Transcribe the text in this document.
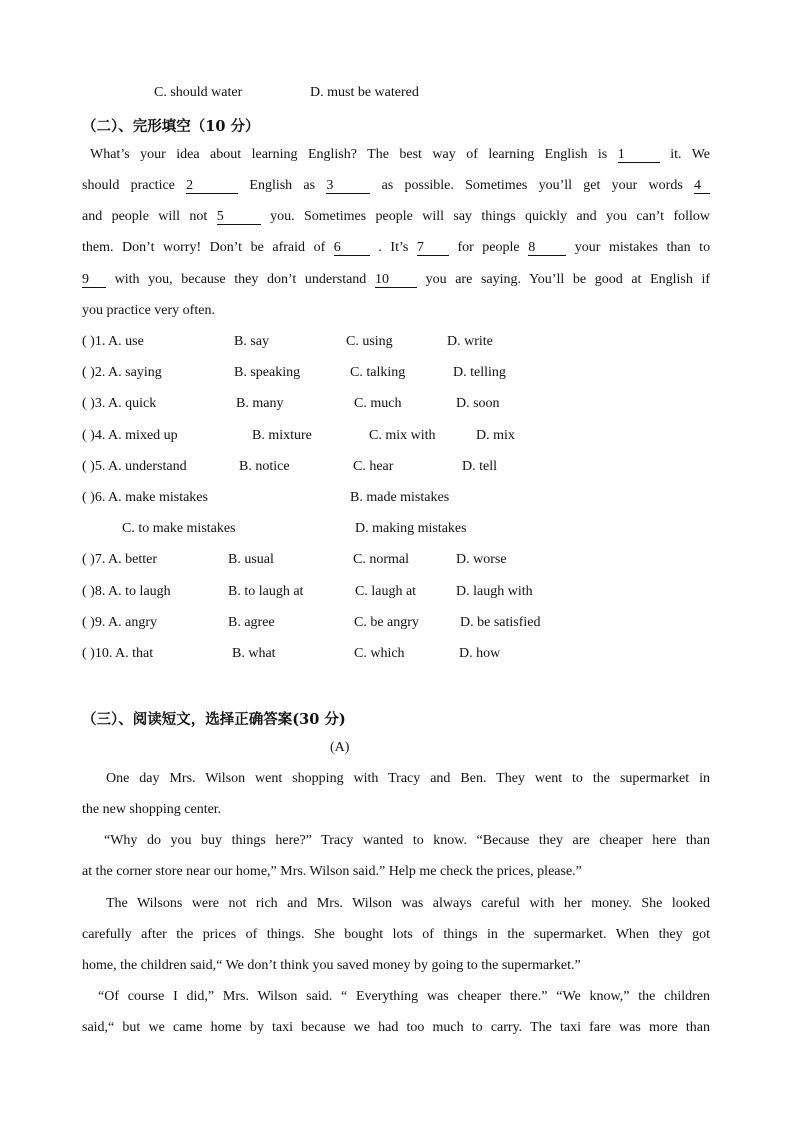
C. should water	D. must be watered
（二）、完形填空（10 分）
What’s your idea about learning English? The best way of learning English is 1	it. We
should practice 2	English as 3	as possible. Sometimes you’ll get your words 4
and people will not 5	you. Sometimes people will say things quickly and you can’t follow
them. Don’t worry! Don’t be afraid of 6	. It’s 7 for people 8	your mistakes than to
9 with you, because they don’t understand 10	you are saying. You’ll be good at English if
you practice very often.
( )1. A. use	B. say	C. using	D. write
( )2. A. saying	B. speaking	C. talking	D. telling
( )3. A. quick	B. many	C. much	D. soon
( )4. A. mixed up	B. mixture	C. mix with	D. mix
( )5. A. understand	B. notice	C. hear	D. tell
( )6. A. make mistakes	B. made mistakes
C. to make mistakes	D. making mistakes
( )7. A. better	B. usual	C. normal	D. worse
( )8. A. to laugh	B. to laugh at	C. laugh at	D. laugh with
( )9. A. angry	B. agree	C. be angry	D. be satisfied
( )10. A. that	B. what	C. which	D. how
（三）、阅读短文，选择正确答案(30 分)
(A)
One day Mrs. Wilson went shopping with Tracy and Ben. They went to the supermarket in
the new shopping center.
“Why do you buy things here?” Tracy wanted to know. “Because they are cheaper here than
at the corner store near our home,” Mrs. Wilson said.” Help me check the prices, please.”
The Wilsons were not rich and Mrs. Wilson was always careful with her money. She looked
carefully after the prices of things. She bought lots of things in the supermarket. When they got
home, the children said,“ We don’t think you saved money by going to the supermarket.”
“Of course I did,” Mrs. Wilson said. “ Everything was cheaper there.” “We know,” the children
said,“ but we came home by taxi because we had too much to carry. The taxi fare was more than
